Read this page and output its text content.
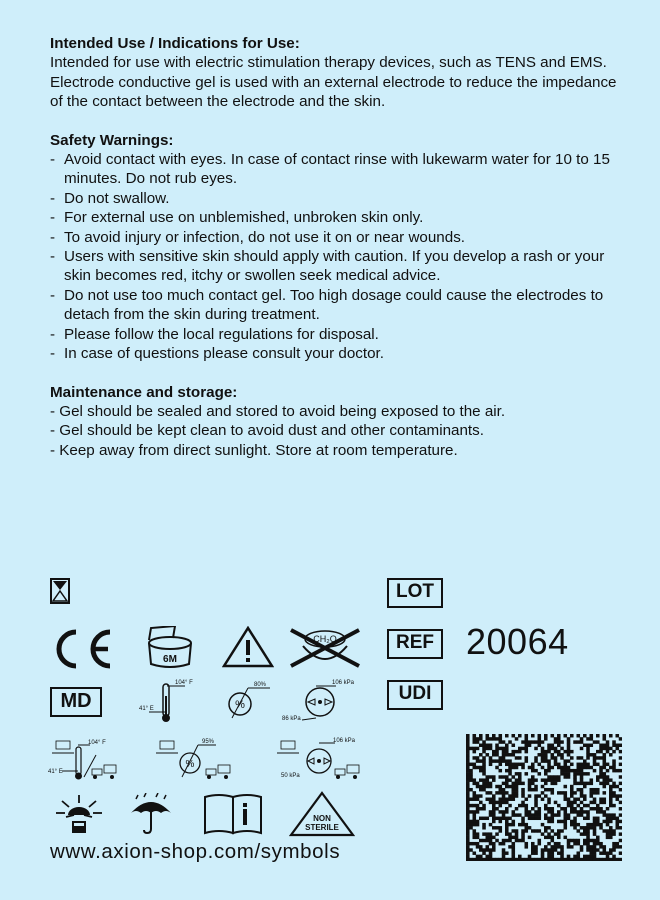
Intended Use / Indications for Use:

Intended for use with electric stimulation therapy devices, such as TENS and EMS. Electrode conductive gel is used with an external electrode to reduce the impedance of the contact between the electrode and the skin.

Safety Warnings:
- Avoid contact with eyes. In case of contact rinse with lukewarm water for 10 to 15 minutes. Do not rub eyes.
- Do not swallow.
- For external use on unblemished, unbroken skin only.
- To avoid injury or infection, do not use it on or near wounds.
- Users with sensitive skin should apply with caution. If you develop a rash or your skin becomes red, itchy or swollen seek medical advice.
- Do not use too much contact gel. Too high dosage could cause the electrodes to detach from the skin during treatment.
- Please follow the local regulations for disposal.
- In case of questions please consult your doctor.
Maintenance and storage:
- Gel should be sealed and stored to avoid being exposed to the air.
- Gel should be kept clean to avoid dust and other contaminants.
- Keep away from direct sunlight. Store at room temperature.
LOT
REF
UDI
20064
6M
CH₂O
MD
104° F
41° E	%
80%	106 kPa
86 kPa
104° F
41° E
%
95%	106 kPa
50 kPa
NON
STERILE
www.axion-shop.com/symbols
